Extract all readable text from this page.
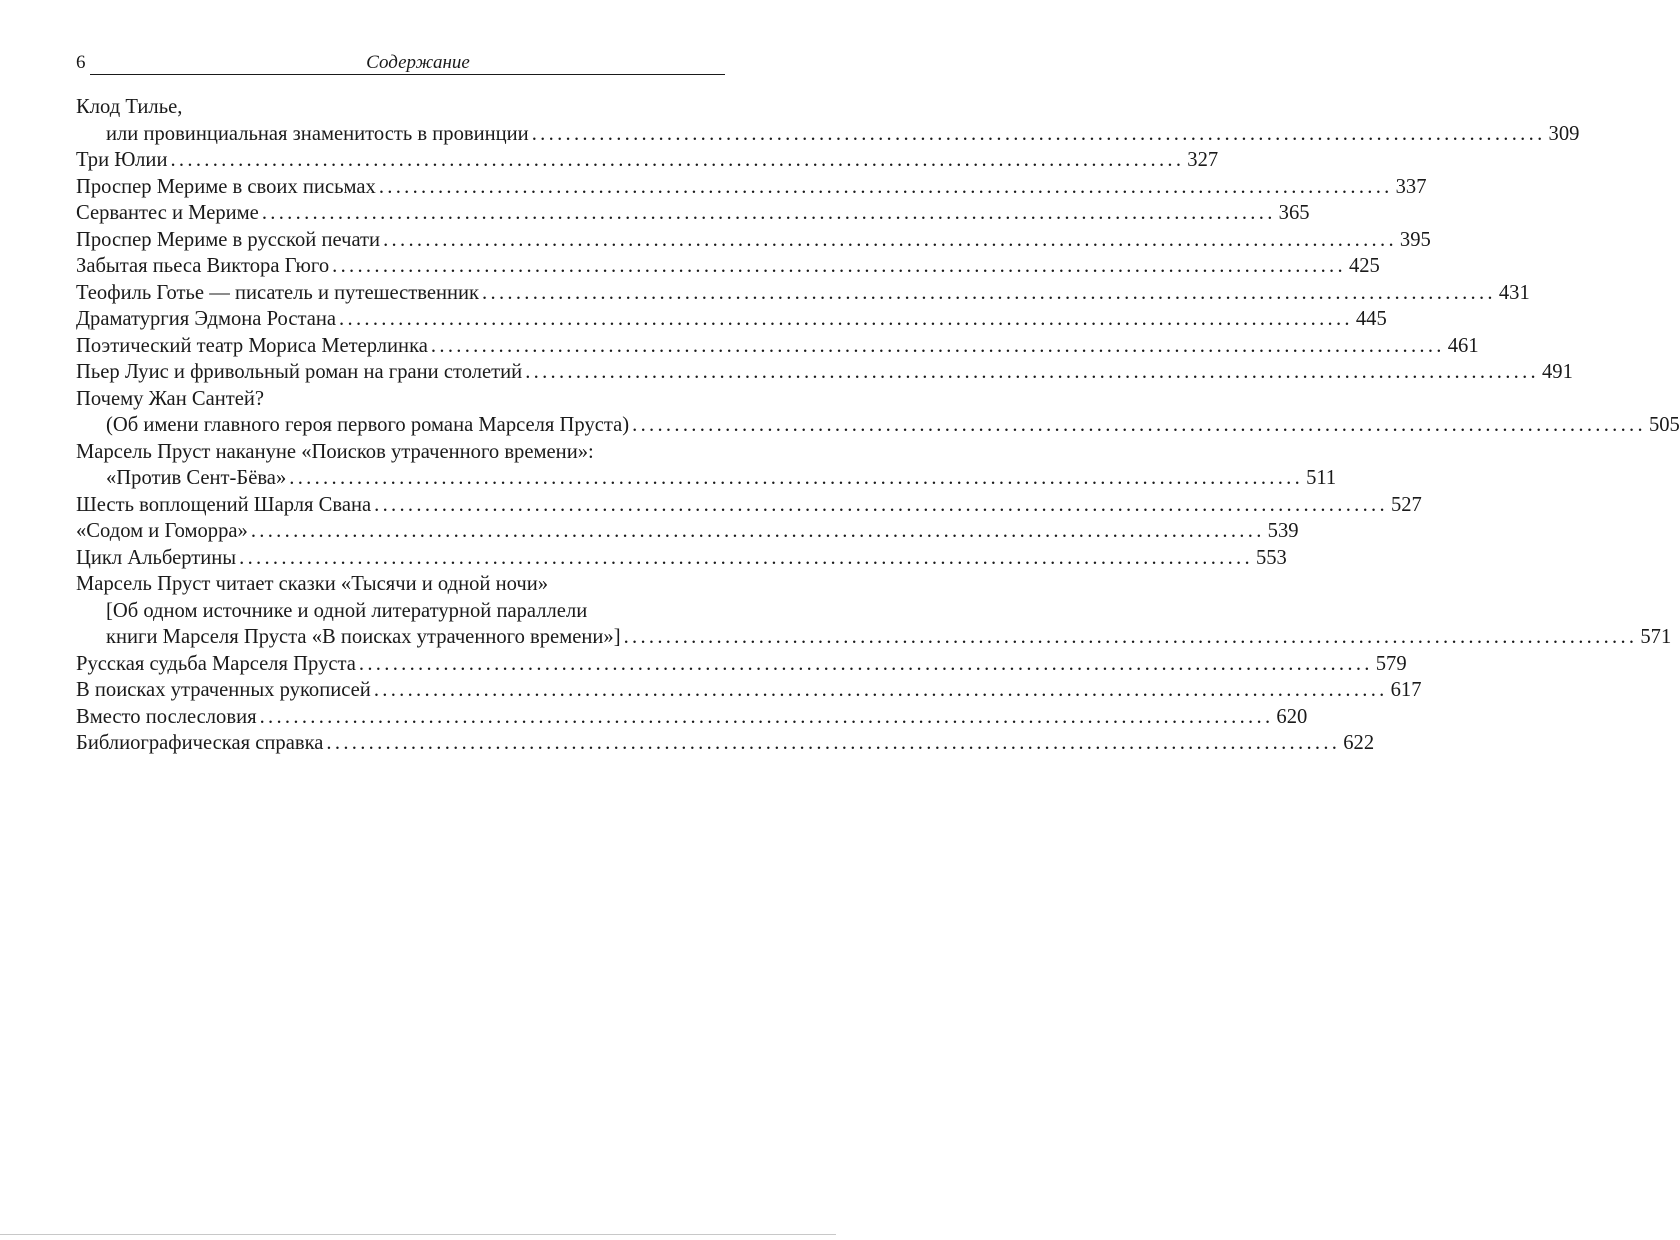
6	Содержание
Клод Тилье,
или провинциальная знаменитость в провинции ........................................................................................................................ 309
Три Юлии ........................................................................................................................ 327
Проспер Мериме в своих письмах ........................................................................................................................ 337
Сервантес и Мериме ........................................................................................................................ 365
Проспер Мериме в русской печати ........................................................................................................................ 395
Забытая пьеса Виктора Гюго ........................................................................................................................ 425
Теофиль Готье — писатель и путешественник ........................................................................................................................ 431
Драматургия Эдмона Ростана ........................................................................................................................ 445
Поэтический театр Мориса Метерлинка ........................................................................................................................ 461
Пьер Луис и фривольный роман на грани столетий ........................................................................................................................ 491
Почему Жан Сантей?
(Об имени главного героя первого романа Марселя Пруста) ........................................................................................................................ 505
Марсель Пруст накануне «Поисков утраченного времени»:
«Против Сент-Бёва» ........................................................................................................................ 511
Шесть воплощений Шарля Свана ........................................................................................................................ 527
«Содом и Гоморра» ........................................................................................................................ 539
Цикл Альбертины ........................................................................................................................ 553
Марсель Пруст читает сказки «Тысячи и одной ночи»
[Об одном источнике и одной литературной параллели
книги Марселя Пруста «В поисках утраченного времени»] ........................................................................................................................ 571
Русская судьба Марселя Пруста ........................................................................................................................ 579
В поисках утраченных рукописей ........................................................................................................................ 617
Вместо послесловия ........................................................................................................................ 620
Библиографическая справка ........................................................................................................................ 622
